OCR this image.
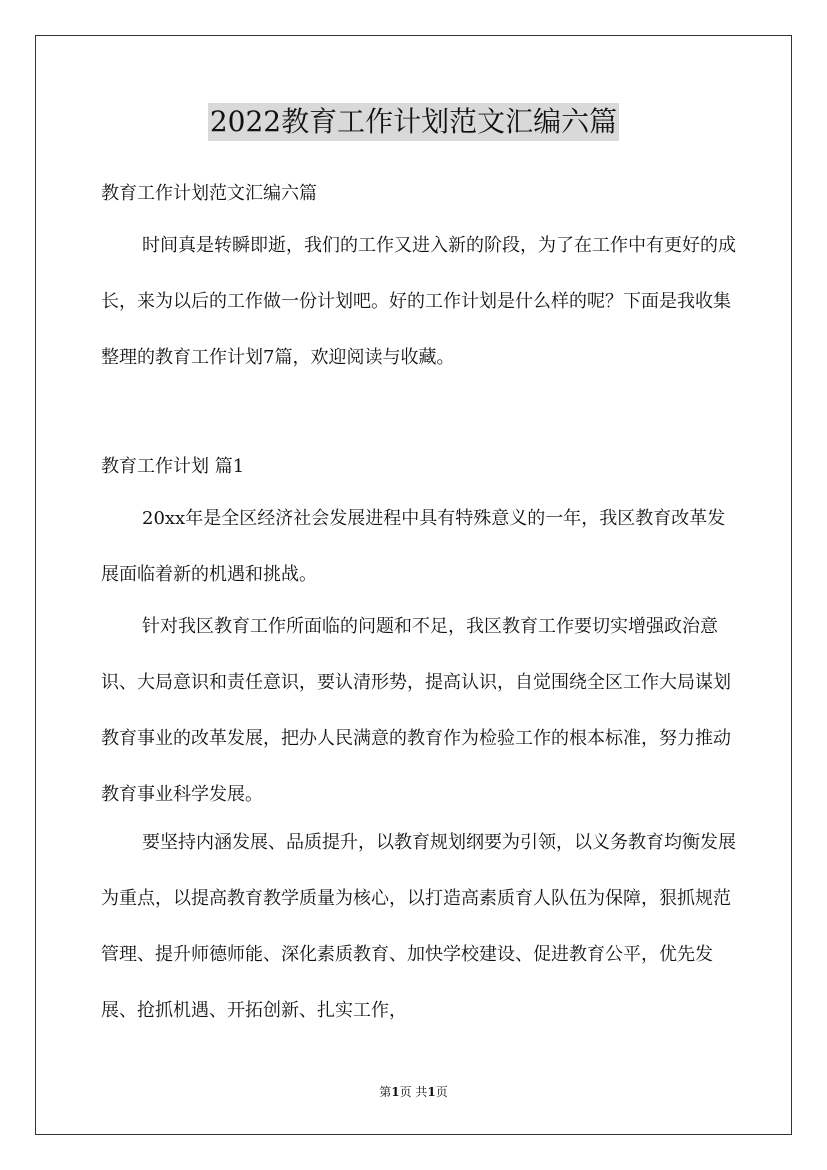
2022教育工作计划范文汇编六篇
教育工作计划范文汇编六篇
时间真是转瞬即逝，我们的工作又进入新的阶段，为了在工作中有更好的成长，来为以后的工作做一份计划吧。好的工作计划是什么样的呢？下面是我收集整理的教育工作计划7篇，欢迎阅读与收藏。
教育工作计划 篇1
20xx年是全区经济社会发展进程中具有特殊意义的一年，我区教育改革发展面临着新的机遇和挑战。
针对我区教育工作所面临的问题和不足，我区教育工作要切实增强政治意识、大局意识和责任意识，要认清形势，提高认识，自觉围绕全区工作大局谋划教育事业的改革发展，把办人民满意的教育作为检验工作的根本标准，努力推动教育事业科学发展。
要坚持内涵发展、品质提升，以教育规划纲要为引领，以义务教育均衡发展为重点，以提高教育教学质量为核心，以打造高素质育人队伍为保障，狠抓规范管理、提升师德师能、深化素质教育、加快学校建设、促进教育公平，优先发展、抢抓机遇、开拓创新、扎实工作，
第1页 共1页
